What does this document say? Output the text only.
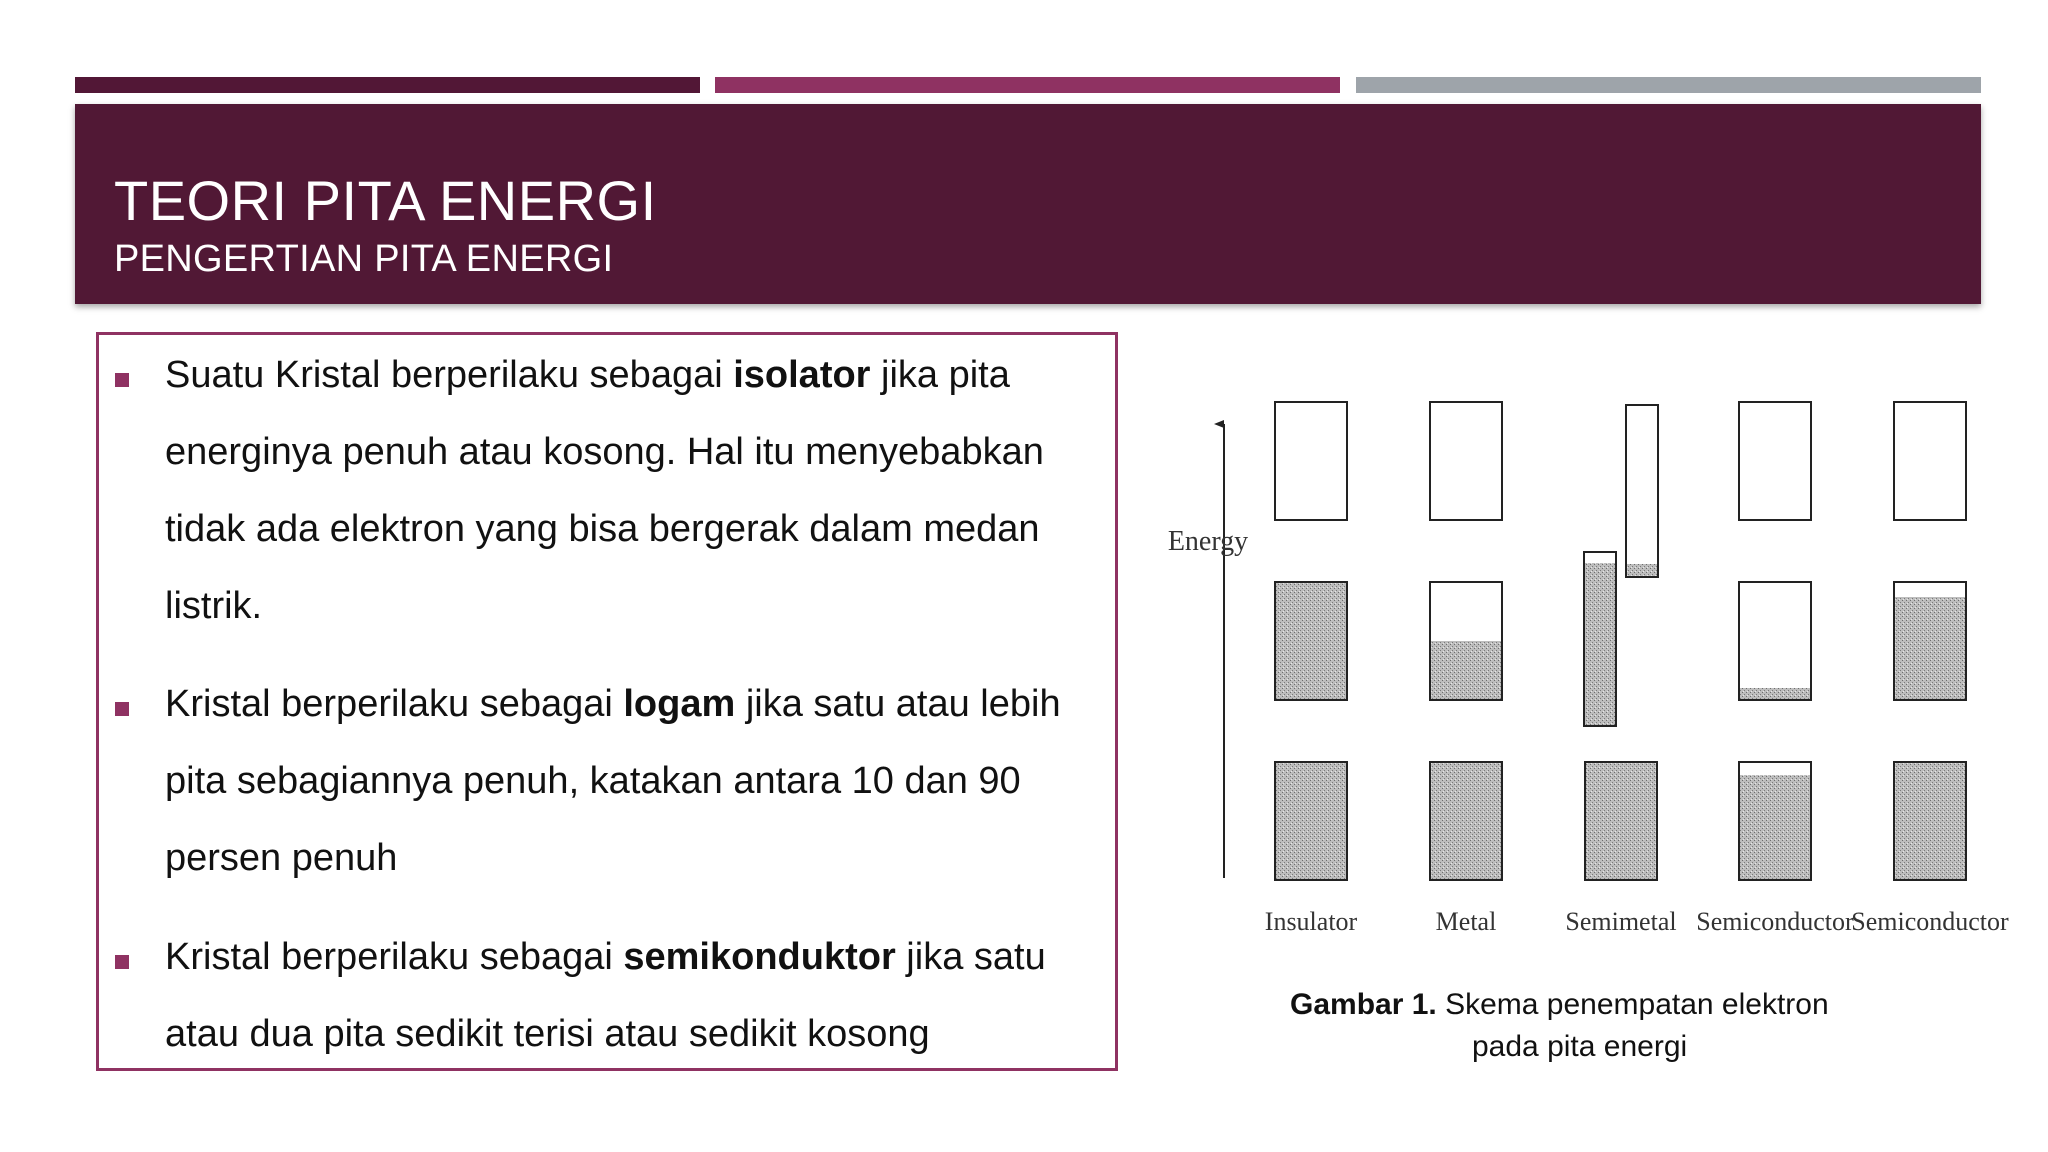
TEORI PITA ENERGI
PENGERTIAN PITA ENERGI
Suatu Kristal berperilaku sebagai isolator jika pita energinya penuh atau kosong. Hal itu menyebabkan tidak ada elektron yang bisa bergerak dalam medan listrik.
Kristal berperilaku sebagai logam jika satu atau lebih pita sebagiannya penuh, katakan antara 10 dan 90 persen penuh
Kristal berperilaku sebagai semikonduktor jika satu atau dua pita sedikit terisi atau sedikit kosong
Energy
Insulator	Metal	Semimetal Semiconductor
Semiconductor
Gambar 1. Skema penempatan elektron
pada pita energi
